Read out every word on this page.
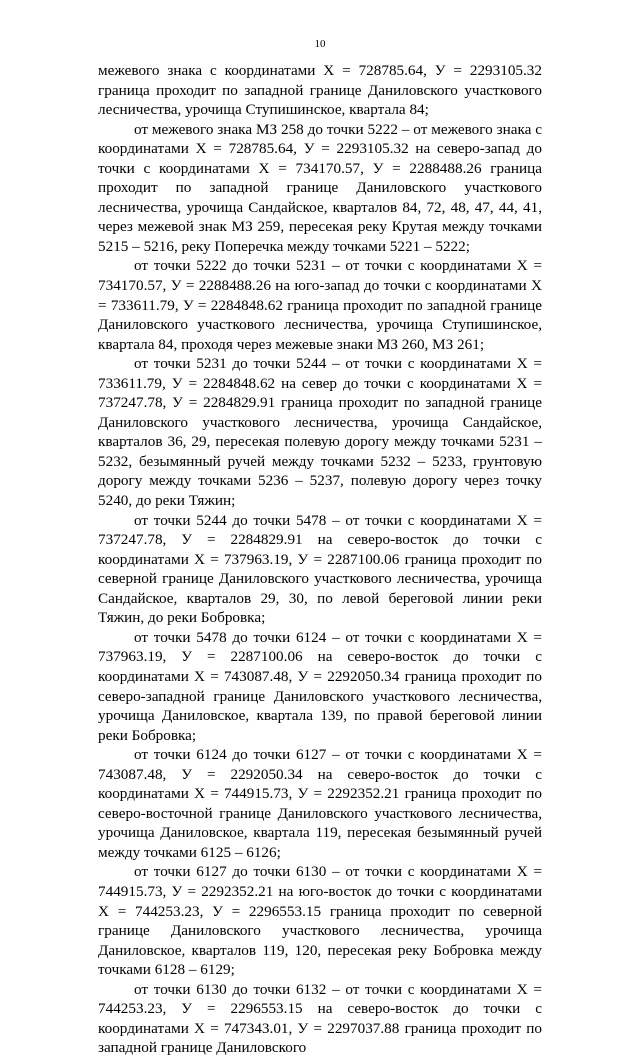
10

межевого знака с координатами Х = 728785.64, У = 2293105.32 граница проходит по западной границе Даниловского участкового лесничества, урочища Ступишинское, квартала 84;

от межевого знака МЗ 258 до точки 5222 – от межевого знака с координатами Х = 728785.64, У = 2293105.32 на северо-запад до точки с координатами Х = 734170.57, У = 2288488.26 граница проходит по западной границе Даниловского участкового лесничества, урочища Сандайское, кварталов 84, 72, 48, 47, 44, 41, через межевой знак МЗ 259, пересекая реку Крутая между точками 5215 – 5216, реку Поперечка между точками 5221 – 5222;

от точки 5222 до точки 5231 – от точки с координатами Х = 734170.57, У = 2288488.26 на юго-запад до точки с координатами Х = 733611.79, У = 2284848.62 граница проходит по западной границе Даниловского участкового лесничества, урочища Ступишинское, квартала 84, проходя через межевые знаки МЗ 260, МЗ 261;

от точки 5231 до точки 5244 – от точки с координатами Х = 733611.79, У = 2284848.62 на север до точки с координатами Х = 737247.78, У = 2284829.91 граница проходит по западной границе Даниловского участкового лесничества, урочища Сандайское, кварталов 36, 29, пересекая полевую дорогу между точками 5231 – 5232, безымянный ручей между точками 5232 – 5233, грунтовую дорогу между точками 5236 – 5237, полевую дорогу через точку 5240, до реки Тяжин;

от точки 5244 до точки 5478 – от точки с координатами Х = 737247.78, У = 2284829.91 на северо-восток до точки с координатами Х = 737963.19, У = 2287100.06 граница проходит по северной границе Даниловского участкового лесничества, урочища Сандайское, кварталов 29, 30, по левой береговой линии реки Тяжин, до реки Бобровка;

от точки 5478 до точки 6124 – от точки с координатами Х = 737963.19, У = 2287100.06 на северо-восток до точки с координатами Х = 743087.48, У = 2292050.34 граница проходит по северо-западной границе Даниловского участкового лесничества, урочища Даниловское, квартала 139, по правой береговой линии реки Бобровка;

от точки 6124 до точки 6127 – от точки с координатами Х = 743087.48, У = 2292050.34 на северо-восток до точки с координатами Х = 744915.73, У = 2292352.21 граница проходит по северо-восточной границе Даниловского участкового лесничества, урочища Даниловское, квартала 119, пересекая безымянный ручей между точками 6125 – 6126;

от точки 6127 до точки 6130 – от точки с координатами Х = 744915.73, У = 2292352.21 на юго-восток до точки с координатами Х = 744253.23, У = 2296553.15 граница проходит по северной границе Даниловского участкового лесничества, урочища Даниловское, кварталов 119, 120, пересекая реку Бобровка между точками 6128 – 6129;

от точки 6130 до точки 6132 – от точки с координатами Х = 744253.23, У = 2296553.15 на северо-восток до точки с координатами Х = 747343.01, У = 2297037.88 граница проходит по западной границе Даниловского
